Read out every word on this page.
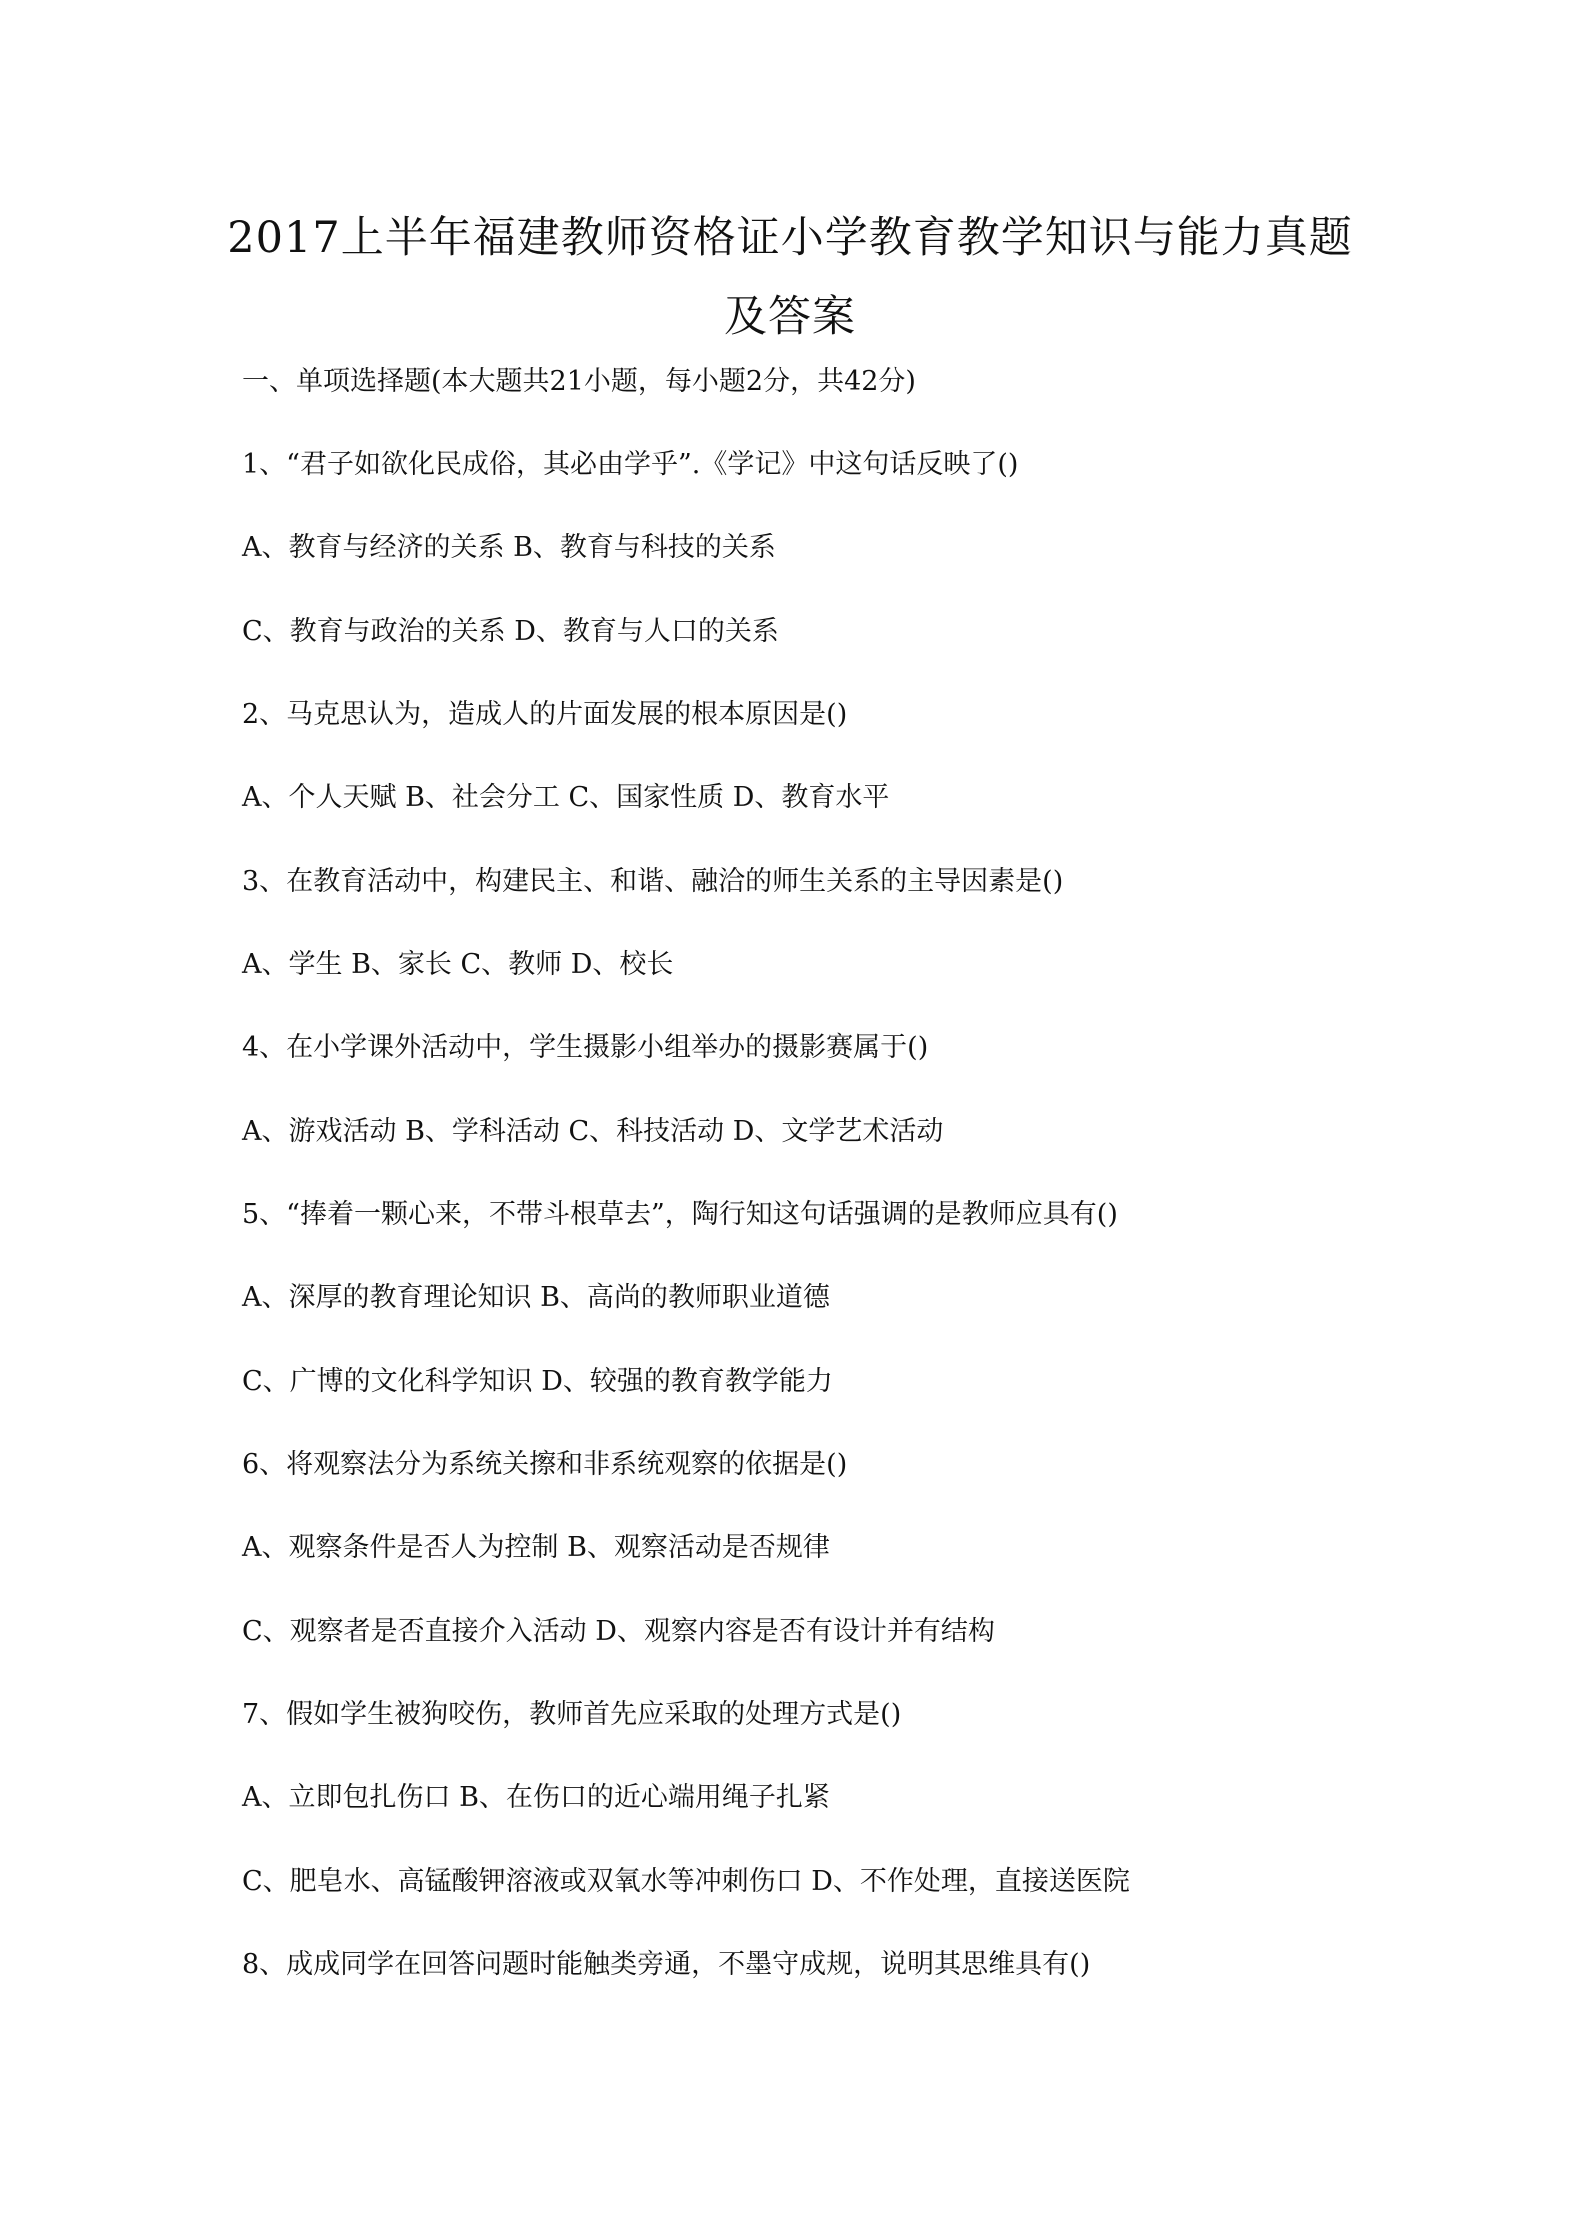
2017上半年福建教师资格证小学教育教学知识与能力真题
及答案
一、单项选择题(本大题共21小题，每小题2分，共42分)
1、“君子如欲化民成俗，其必由学乎”.《学记》中这句话反映了()
A、教育与经济的关系 B、教育与科技的关系
C、教育与政治的关系 D、教育与人口的关系
2、马克思认为，造成人的片面发展的根本原因是()
A、个人天赋 B、社会分工 C、国家性质 D、教育水平
3、在教育活动中，构建民主、和谐、融洽的师生关系的主导因素是()
A、学生 B、家长 C、教师 D、校长
4、在小学课外活动中，学生摄影小组举办的摄影赛属于()
A、游戏活动 B、学科活动 C、科技活动 D、文学艺术活动
5、“捧着一颗心来，不带斗根草去”，陶行知这句话强调的是教师应具有()
A、深厚的教育理论知识 B、高尚的教师职业道德
C、广博的文化科学知识 D、较强的教育教学能力
6、将观察法分为系统关擦和非系统观察的依据是()
A、观察条件是否人为控制 B、观察活动是否规律
C、观察者是否直接介入活动 D、观察内容是否有设计并有结构
7、假如学生被狗咬伤，教师首先应采取的处理方式是()
A、立即包扎伤口 B、在伤口的近心端用绳子扎紧
C、肥皂水、高锰酸钾溶液或双氧水等冲刺伤口 D、不作处理，直接送医院
8、成成同学在回答问题时能触类旁通，不墨守成规，说明其思维具有()
